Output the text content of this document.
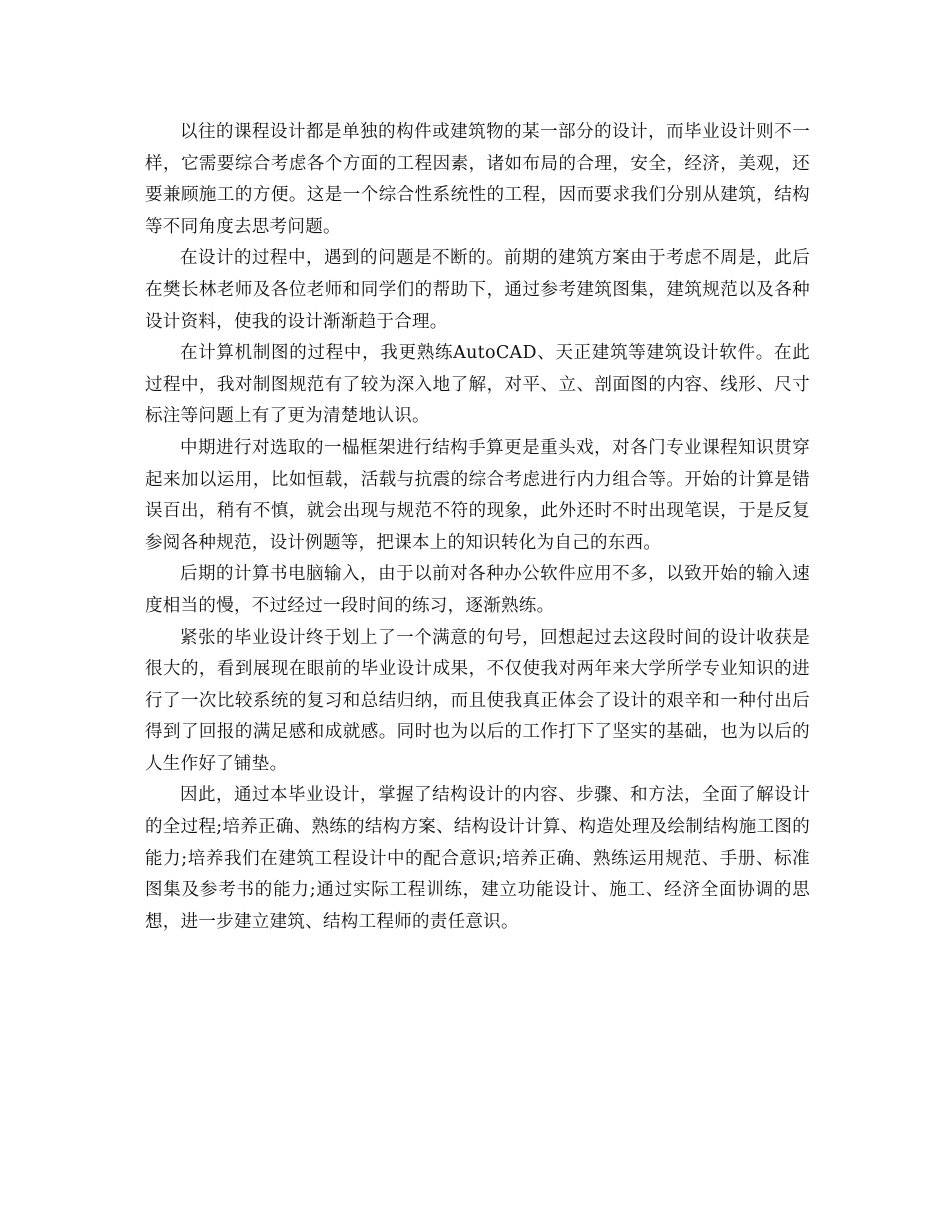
以往的课程设计都是单独的构件或建筑物的某一部分的设计，而毕业设计则不一样，它需要综合考虑各个方面的工程因素，诸如布局的合理，安全，经济，美观，还要兼顾施工的方便。这是一个综合性系统性的工程，因而要求我们分别从建筑，结构等不同角度去思考问题。

在设计的过程中，遇到的问题是不断的。前期的建筑方案由于考虑不周是，此后在樊长林老师及各位老师和同学们的帮助下，通过参考建筑图集，建筑规范以及各种设计资料，使我的设计渐渐趋于合理。

在计算机制图的过程中，我更熟练AutoCAD、天正建筑等建筑设计软件。在此过程中，我对制图规范有了较为深入地了解，对平、立、剖面图的内容、线形、尺寸标注等问题上有了更为清楚地认识。

中期进行对选取的一榀框架进行结构手算更是重头戏，对各门专业课程知识贯穿起来加以运用，比如恒载，活载与抗震的综合考虑进行内力组合等。开始的计算是错误百出，稍有不慎，就会出现与规范不符的现象，此外还时不时出现笔误，于是反复参阅各种规范，设计例题等，把课本上的知识转化为自己的东西。

后期的计算书电脑输入，由于以前对各种办公软件应用不多，以致开始的输入速度相当的慢，不过经过一段时间的练习，逐渐熟练。

紧张的毕业设计终于划上了一个满意的句号，回想起过去这段时间的设计收获是很大的，看到展现在眼前的毕业设计成果，不仅使我对两年来大学所学专业知识的进行了一次比较系统的复习和总结归纳，而且使我真正体会了设计的艰辛和一种付出后得到了回报的满足感和成就感。同时也为以后的工作打下了坚实的基础，也为以后的人生作好了铺垫。

因此，通过本毕业设计，掌握了结构设计的内容、步骤、和方法，全面了解设计的全过程;培养正确、熟练的结构方案、结构设计计算、构造处理及绘制结构施工图的能力;培养我们在建筑工程设计中的配合意识;培养正确、熟练运用规范、手册、标准图集及参考书的能力;通过实际工程训练，建立功能设计、施工、经济全面协调的思想，进一步建立建筑、结构工程师的责任意识。
